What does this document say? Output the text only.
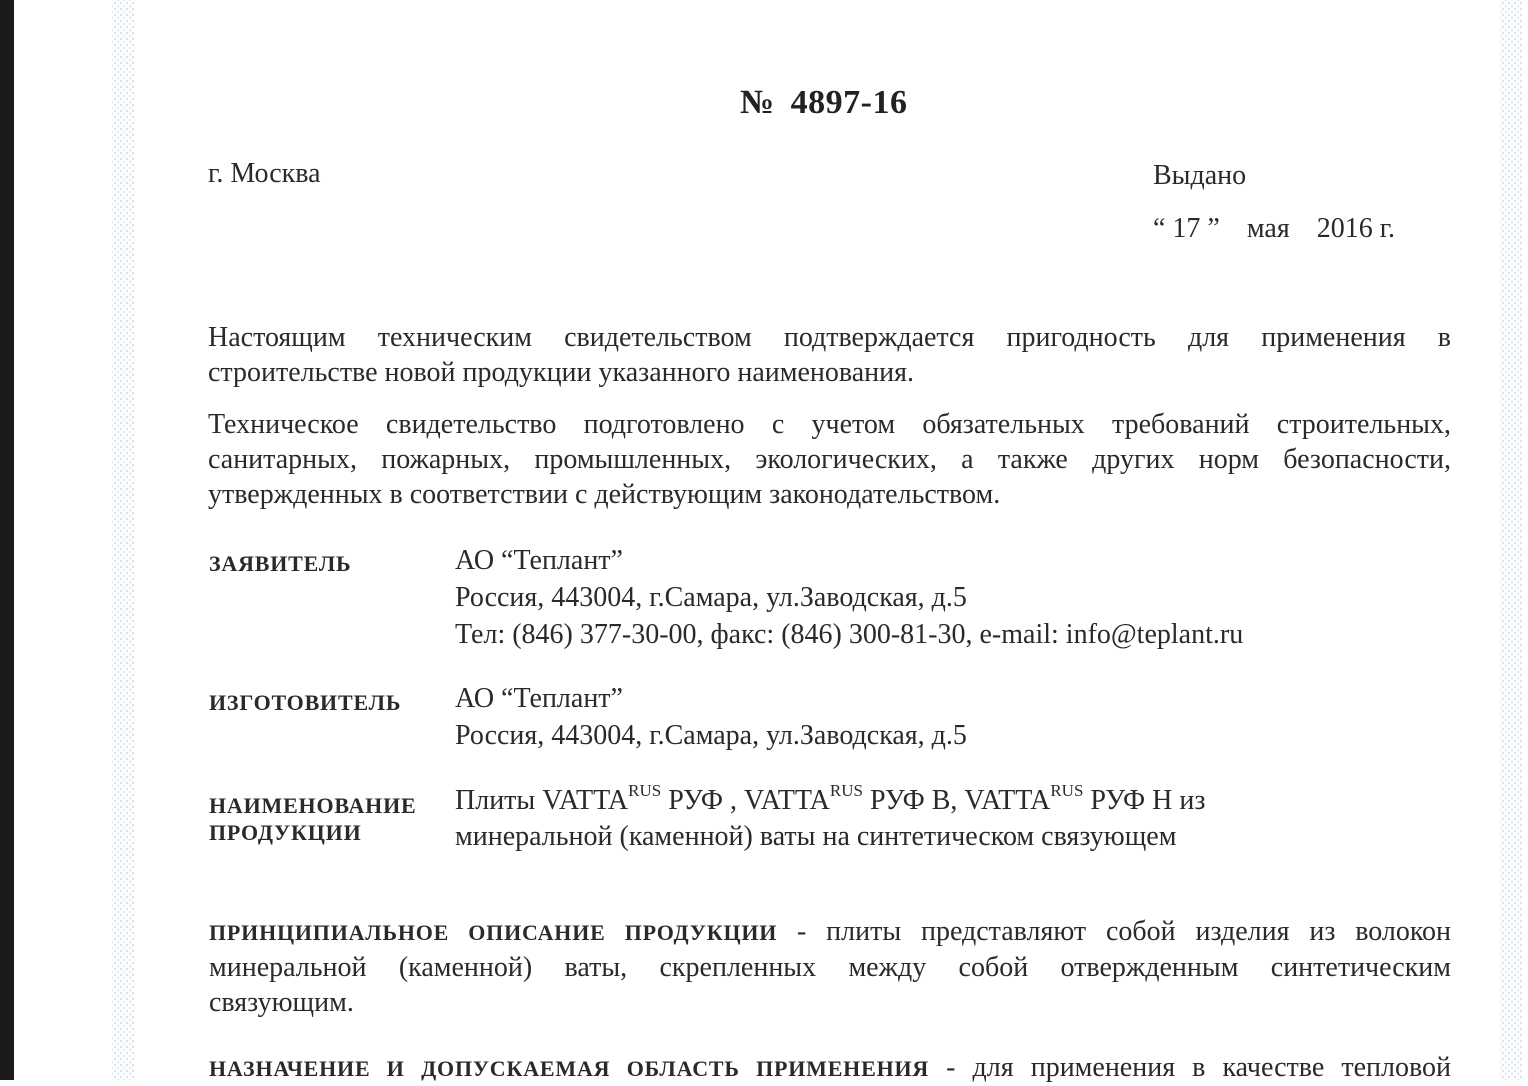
№ 4897-16
г. Москва	Выдано
“ 17 ” мая 2016 г.
Настоящим техническим свидетельством подтверждается пригодность для применения в
строительстве новой продукции указанного наименования.
Техническое свидетельство подготовлено с учетом обязательных требований строительных,
санитарных, пожарных, промышленных, экологических, а также других норм безопасности,
утвержденных в соответствии с действующим законодательством.
ЗАЯВИТЕЛЬ	АО “Теплант”
Россия, 443004, г.Самара, ул.Заводская, д.5
Тел: (846) 377-30-00, факс: (846) 300-81-30, e-mail: info@teplant.ru
ИЗГОТОВИТЕЛЬ АО “Теплант”
Россия, 443004, г.Самара, ул.Заводская, д.5
НАИМЕНОВАНИЕ
ПРОДУКЦИИ
Плиты $VATTA^{RUS}$ РУФ , $VATTA^{RUS}$ РУФ В, $VATTA^{RUS}$ РУФ Н из
минеральной (каменной) ваты на синтетическом связующем
ПРИНЦИПИАЛЬНОЕ ОПИСАНИЕ ПРОДУКЦИИ - плиты представляют собой изделия из волокон
минеральной (каменной) ваты, скрепленных между собой отвержденным синтетическим
связующим.
НАЗНАЧЕНИЕ И ДОПУСКАЕМАЯ ОБЛАСТЬ ПРИМЕНЕНИЯ - для применения в качестве тепловой
